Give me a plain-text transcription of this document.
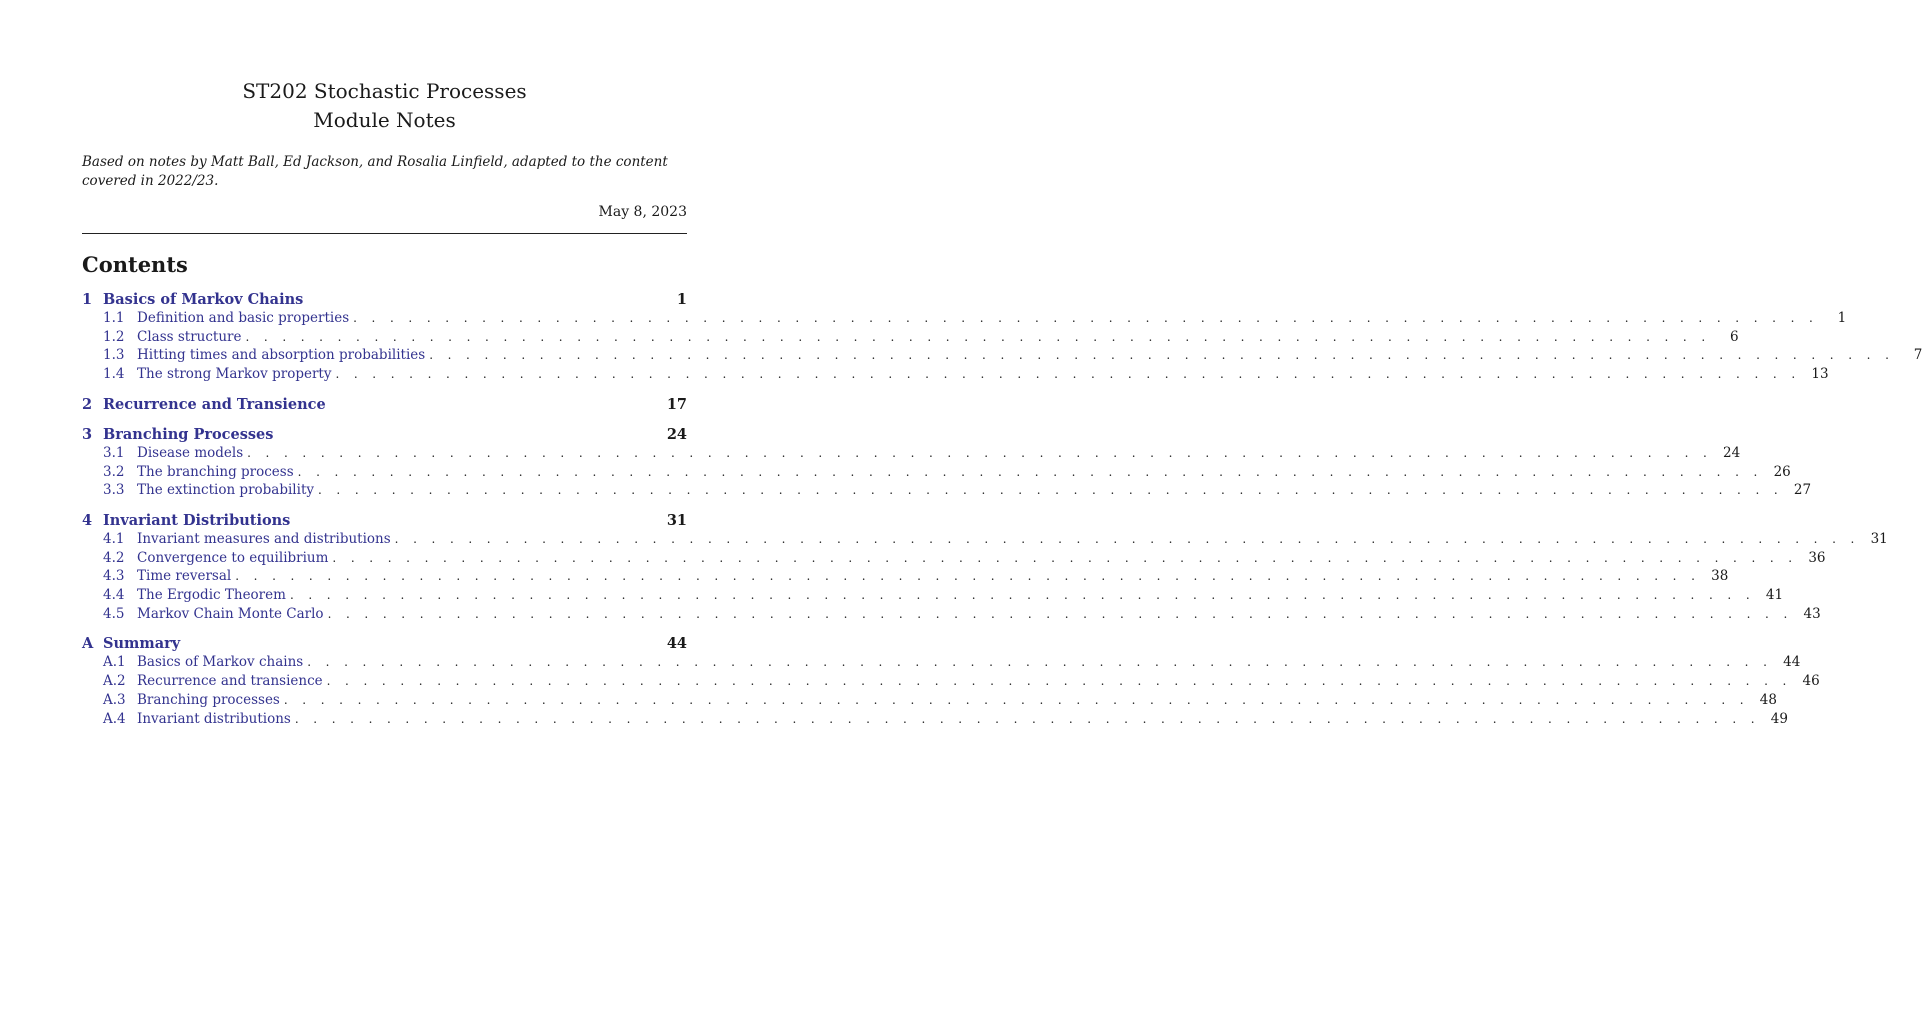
ST202 Stochastic Processes
Module Notes
Based on notes by Matt Ball, Ed Jackson, and Rosalia Linfield, adapted to the content covered in 2022/23.
May 8, 2023
Contents
1 Basics of Markov Chains	1
1.1 Definition and basic properties . . . . . . . . . . . . . . . . . . . . . . . . . . . . . . . . . . . . . . . . . . . . . . . . . . . . . . . . . . . . . . . . . . . . . . . . . . . . . . . .	1
1.2 Class structure . . . . . . . . . . . . . . . . . . . . . . . . . . . . . . . . . . . . . . . . . . . . . . . . . . . . . . . . . . . . . . . . . . . . . . . . . . . . . . . .	6
1.3 Hitting times and absorption probabilities . . . . . . . . . . . . . . . . . . . . . . . . . . . . . . . . . . . . . . . . . . . . . . . . . . . . . . . . . . . . . . . . . . . . . . . . . . . . . . . .	7
1.4 The strong Markov property . . . . . . . . . . . . . . . . . . . . . . . . . . . . . . . . . . . . . . . . . . . . . . . . . . . . . . . . . . . . . . . . . . . . . . . . . . . . . . . . 13
2 Recurrence and Transience	17
3 Branching Processes	24
3.1 Disease models . . . . . . . . . . . . . . . . . . . . . . . . . . . . . . . . . . . . . . . . . . . . . . . . . . . . . . . . . . . . . . . . . . . . . . . . . . . . . . . . 24
3.2 The branching process . . . . . . . . . . . . . . . . . . . . . . . . . . . . . . . . . . . . . . . . . . . . . . . . . . . . . . . . . . . . . . . . . . . . . . . . . . . . . . . . 26
3.3 The extinction probability . . . . . . . . . . . . . . . . . . . . . . . . . . . . . . . . . . . . . . . . . . . . . . . . . . . . . . . . . . . . . . . . . . . . . . . . . . . . . . . . 27
4 Invariant Distributions	31
4.1 Invariant measures and distributions . . . . . . . . . . . . . . . . . . . . . . . . . . . . . . . . . . . . . . . . . . . . . . . . . . . . . . . . . . . . . . . . . . . . . . . . . . . . . . . . 31
4.2 Convergence to equilibrium . . . . . . . . . . . . . . . . . . . . . . . . . . . . . . . . . . . . . . . . . . . . . . . . . . . . . . . . . . . . . . . . . . . . . . . . . . . . . . . . 36
4.3 Time reversal . . . . . . . . . . . . . . . . . . . . . . . . . . . . . . . . . . . . . . . . . . . . . . . . . . . . . . . . . . . . . . . . . . . . . . . . . . . . . . . . 38
4.4 The Ergodic Theorem . . . . . . . . . . . . . . . . . . . . . . . . . . . . . . . . . . . . . . . . . . . . . . . . . . . . . . . . . . . . . . . . . . . . . . . . . . . . . . . . 41
4.5 Markov Chain Monte Carlo . . . . . . . . . . . . . . . . . . . . . . . . . . . . . . . . . . . . . . . . . . . . . . . . . . . . . . . . . . . . . . . . . . . . . . . . . . . . . . . . 43
A Summary	44
A.1 Basics of Markov chains . . . . . . . . . . . . . . . . . . . . . . . . . . . . . . . . . . . . . . . . . . . . . . . . . . . . . . . . . . . . . . . . . . . . . . . . . . . . . . . . 44
A.2 Recurrence and transience . . . . . . . . . . . . . . . . . . . . . . . . . . . . . . . . . . . . . . . . . . . . . . . . . . . . . . . . . . . . . . . . . . . . . . . . . . . . . . . . 46
A.3 Branching processes . . . . . . . . . . . . . . . . . . . . . . . . . . . . . . . . . . . . . . . . . . . . . . . . . . . . . . . . . . . . . . . . . . . . . . . . . . . . . . . . 48
A.4 Invariant distributions . . . . . . . . . . . . . . . . . . . . . . . . . . . . . . . . . . . . . . . . . . . . . . . . . . . . . . . . . . . . . . . . . . . . . . . . . . . . . . . . 49
